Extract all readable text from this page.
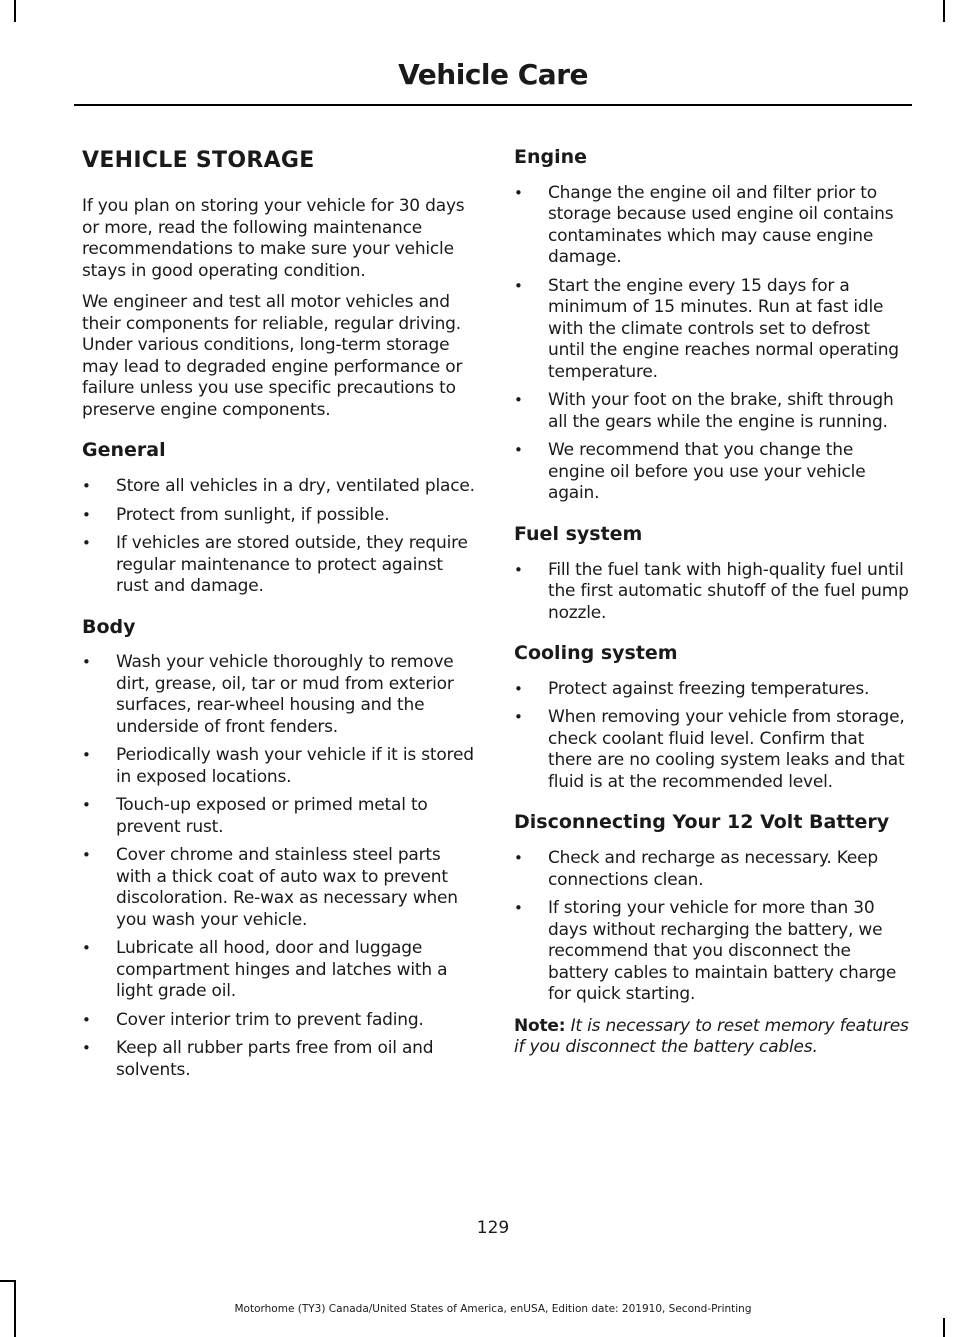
Vehicle Care
VEHICLE STORAGE

If you plan on storing your vehicle for 30 days or more, read the following maintenance recommendations to make sure your vehicle stays in good operating condition.

We engineer and test all motor vehicles and their components for reliable, regular driving. Under various conditions, long-term storage may lead to degraded engine performance or failure unless you use specific precautions to preserve engine components.

General
• Store all vehicles in a dry, ventilated place.
• Protect from sunlight, if possible.
• If vehicles are stored outside, they require regular maintenance to protect against rust and damage.
Body
• Wash your vehicle thoroughly to remove dirt, grease, oil, tar or mud from exterior surfaces, rear-wheel housing and the underside of front fenders.
• Periodically wash your vehicle if it is stored in exposed locations.
• Touch-up exposed or primed metal to prevent rust.
• Cover chrome and stainless steel parts with a thick coat of auto wax to prevent discoloration. Re-wax as necessary when you wash your vehicle.
• Lubricate all hood, door and luggage compartment hinges and latches with a light grade oil.
• Cover interior trim to prevent fading.
• Keep all rubber parts free from oil and solvents.
Engine
• Change the engine oil and filter prior to storage because used engine oil contains contaminates which may cause engine damage.
• Start the engine every 15 days for a minimum of 15 minutes. Run at fast idle with the climate controls set to defrost until the engine reaches normal operating temperature.
• With your foot on the brake, shift through all the gears while the engine is running.
• We recommend that you change the engine oil before you use your vehicle again.
Fuel system
• Fill the fuel tank with high-quality fuel until the first automatic shutoff of the fuel pump nozzle.
Cooling system
• Protect against freezing temperatures.
• When removing your vehicle from storage, check coolant fluid level. Confirm that there are no cooling system leaks and that fluid is at the recommended level.
Disconnecting Your 12 Volt Battery
• Check and recharge as necessary. Keep connections clean.
• If storing your vehicle for more than 30 days without recharging the battery, we recommend that you disconnect the battery cables to maintain battery charge for quick starting.
Note: It is necessary to reset memory features if you disconnect the battery cables.
129
Motorhome (TY3) Canada/United States of America, enUSA, Edition date: 201910, Second-Printing
